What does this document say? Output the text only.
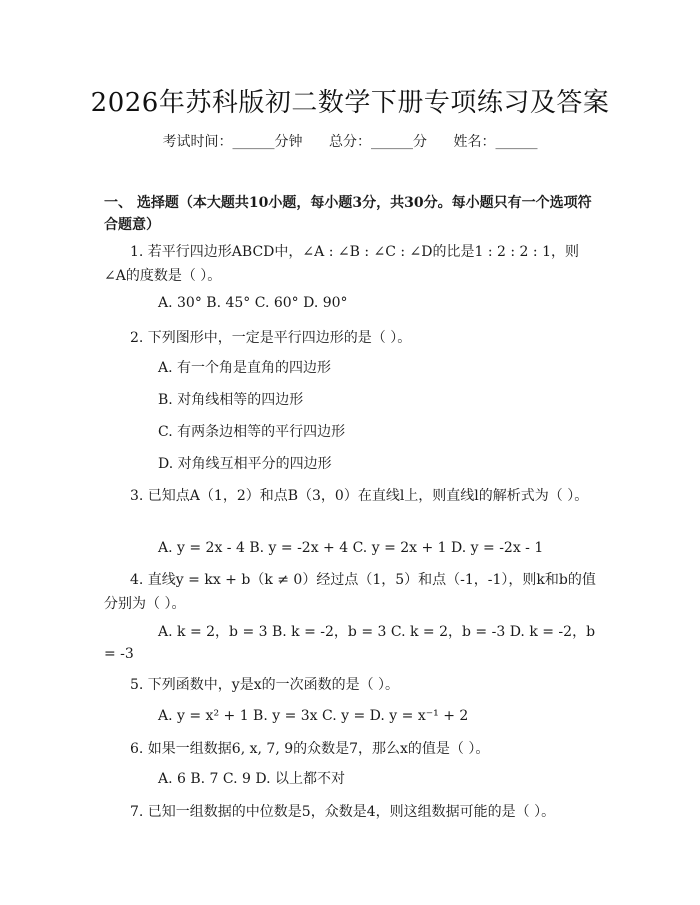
2026年苏科版初二数学下册专项练习及答案
考试时间：______分钟 总分：______分 姓名：______
一、 选择题（本大题共10小题，每小题3分，共30分。每小题只有一个选项符合题意）
1. 若平行四边形ABCD中，∠A : ∠B : ∠C : ∠D的比是1 : 2 : 2 : 1，则∠A的度数是（ ）。
A. 30° B. 45° C. 60° D. 90°
2. 下列图形中，一定是平行四边形的是（ ）。
A. 有一个角是直角的四边形
B. 对角线相等的四边形
C. 有两条边相等的平行四边形
D. 对角线互相平分的四边形
3. 已知点A（1，2）和点B（3，0）在直线l上，则直线l的解析式为（ ）。
A. y = 2x - 4 B. y = -2x + 4 C. y = 2x + 1 D. y = -2x - 1
4. 直线y = kx + b（k ≠ 0）经过点（1，5）和点（-1，-1），则k和b的值分别为（ ）。
A. k = 2，b = 3 B. k = -2，b = 3 C. k = 2，b = -3 D. k = -2，b = -3
5. 下列函数中，y是x的一次函数的是（ ）。
A. y = x² + 1 B. y = 3x C. y = D. y = x⁻¹ + 2
6. 如果一组数据6, x, 7, 9的众数是7，那么x的值是（ ）。
A. 6 B. 7 C. 9 D. 以上都不对
7. 已知一组数据的中位数是5，众数是4，则这组数据可能的是（ ）。
